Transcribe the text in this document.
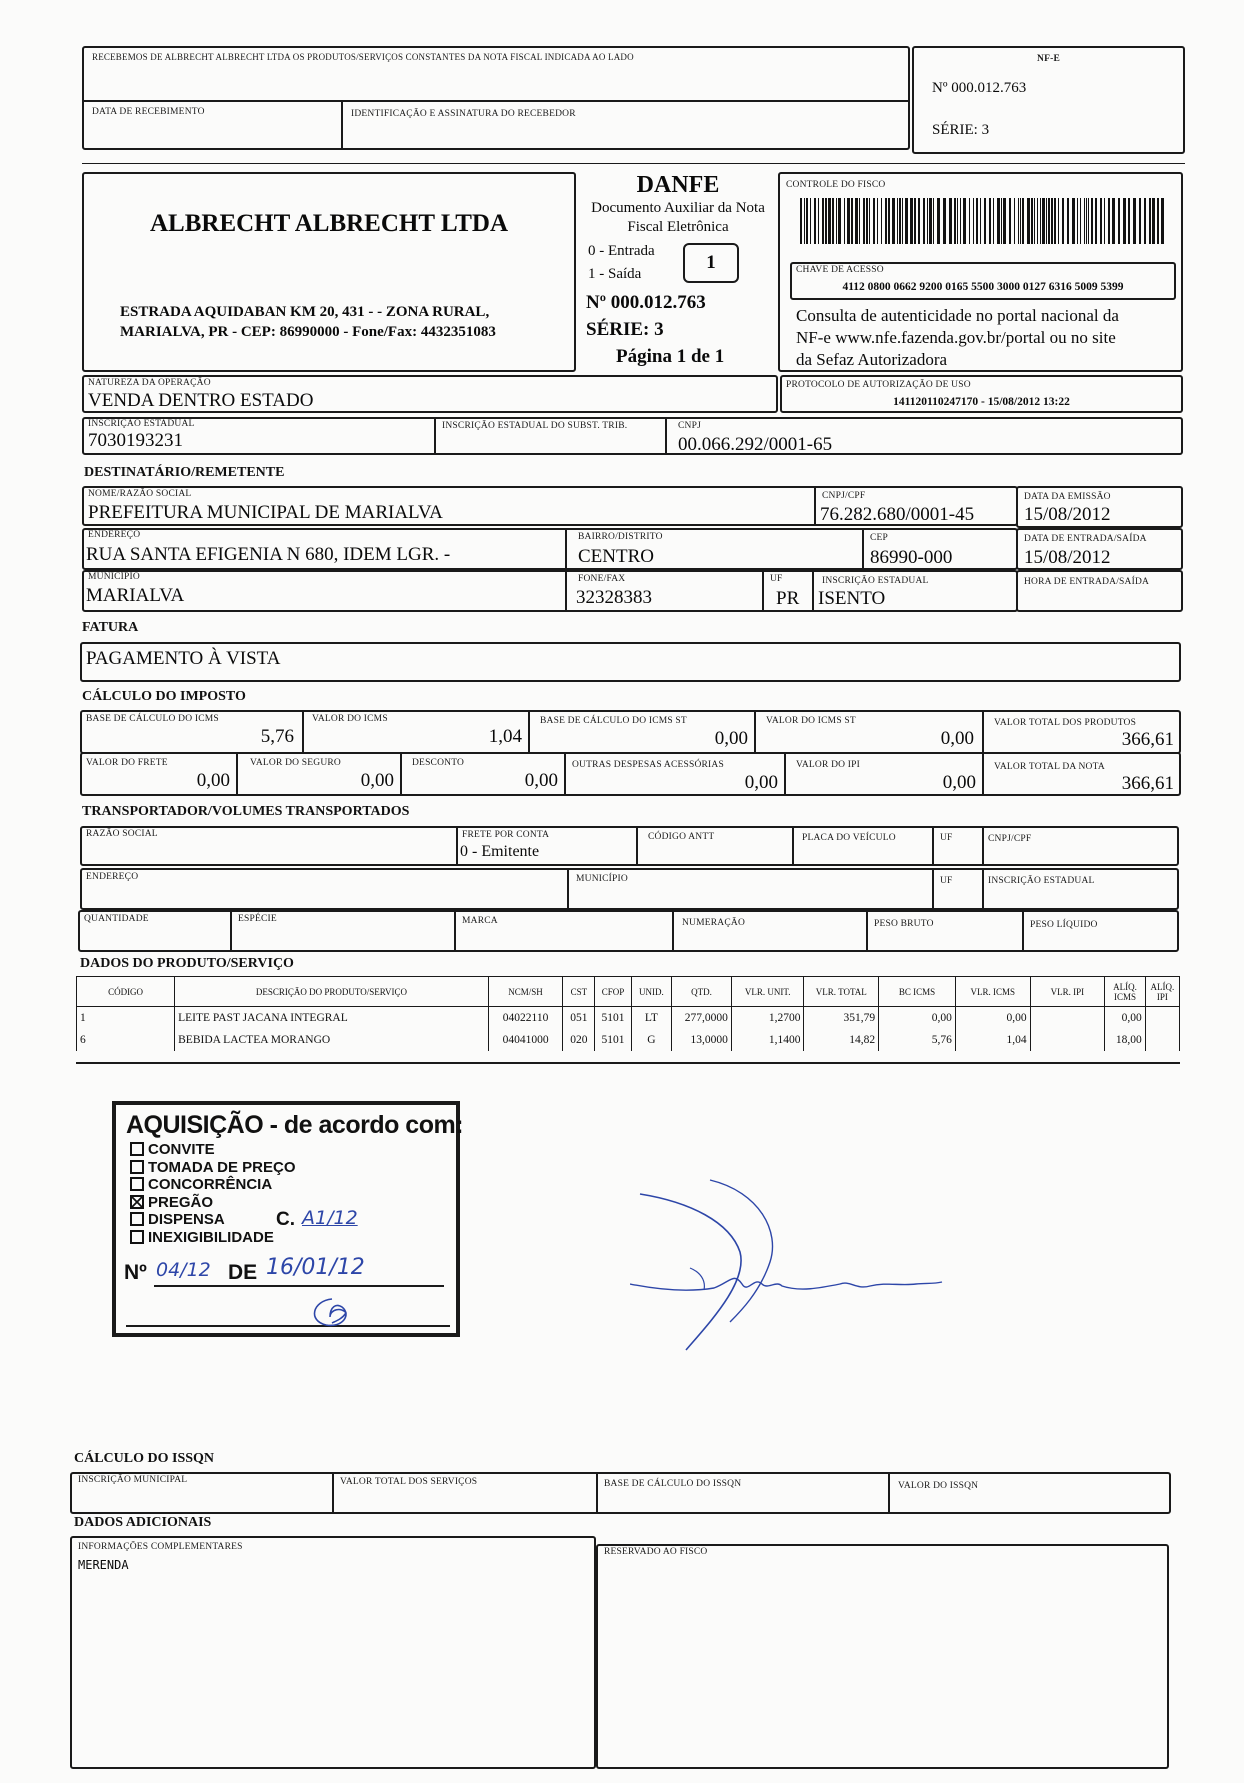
RECEBEMOS DE ALBRECHT ALBRECHT LTDA OS PRODUTOS/SERVIÇOS CONSTANTES DA NOTA FISCAL INDICADA AO LADO
DATA DE RECEBIMENTO	IDENTIFICAÇÃO E ASSINATURA DO RECEBEDOR
NF-E
Nº 000.012.763
SÉRIE: 3
ALBRECHT ALBRECHT LTDA
ESTRADA AQUIDABAN KM 20, 431 - - ZONA RURAL,
MARIALVA, PR - CEP: 86990000 - Fone/Fax: 4432351083
DANFE
Documento Auxiliar da Nota
Fiscal Eletrônica
0 - Entrada
1 - Saída
1
Nº 000.012.763
SÉRIE: 3
Página 1 de 1
CONTROLE DO FISCO
CHAVE DE ACESSO
4112 0800 0662 9200 0165 5500 3000 0127 6316 5009 5399
Consulta de autenticidade no portal nacional da
NF-e www.nfe.fazenda.gov.br/portal ou no site
da Sefaz Autorizadora
NATUREZA DA OPERAÇÃO
VENDA DENTRO ESTADO
PROTOCOLO DE AUTORIZAÇÃO DE USO
141120110247170 - 15/08/2012 13:22
INSCRIÇÃO ESTADUAL
7030193231
INSCRIÇÃO ESTADUAL DO SUBST. TRIB.	CNPJ
00.066.292/0001-65
DESTINATÁRIO/REMETENTE
NOME/RAZÃO SOCIAL
PREFEITURA MUNICIPAL DE MARIALVA
CNPJ/CPF
76.282.680/0001-45
DATA DA EMISSÃO
15/08/2012
ENDEREÇO
RUA SANTA EFIGENIA N 680, IDEM LGR. -
BAIRRO/DISTRITO
CENTRO
CEP
86990-000
DATA DE ENTRADA/SAÍDA
15/08/2012
MUNICÍPIO
MARIALVA
FONE/FAX
32328383
UF
PR
INSCRIÇÃO ESTADUAL
ISENTO
HORA DE ENTRADA/SAÍDA
FATURA
PAGAMENTO À VISTA
CÁLCULO DO IMPOSTO
BASE DE CÁLCULO DO ICMS
5,76
VALOR DO ICMS
1,04
BASE DE CÁLCULO DO ICMS ST
0,00
VALOR DO ICMS ST
0,00
VALOR TOTAL DOS PRODUTOS
366,61
VALOR DO FRETE
0,00
VALOR DO SEGURO
0,00
DESCONTO
0,00
OUTRAS DESPESAS ACESSÓRIAS
0,00
VALOR DO IPI
0,00
VALOR TOTAL DA NOTA
366,61
TRANSPORTADOR/VOLUMES TRANSPORTADOS
RAZÃO SOCIAL	FRETE POR CONTA
0 - Emitente
CÓDIGO ANTT	PLACA DO VEÍCULO	UF	CNPJ/CPF
ENDEREÇO	MUNICÍPIO	UF	INSCRIÇÃO ESTADUAL
QUANTIDADE	ESPÉCIE	MARCA	NUMERAÇÃO	PESO BRUTO	PESO LÍQUIDO
DADOS DO PRODUTO/SERVIÇO
CÓDIGO	DESCRIÇÃO DO PRODUTO/SERVIÇO	NCM/SH	CST	CFOP	UNID.	QTD.	VLR. UNIT.	VLR. TOTAL	BC ICMS	VLR. ICMS	VLR. IPI	ALÍQ. ICMS	ALÍQ. IPI
1	LEITE PAST JACANA INTEGRAL	04022110	051	5101	LT	277,0000	1,2700	351,79	0,00	0,00		0,00	
6	BEBIDA LACTEA MORANGO	04041000	020	5101	G	13,0000	1,1400	14,82	5,76	1,04		18,00	
AQUISIÇÃO - de acordo com:
CONVITE
TOMADA DE PREÇO
CONCORRÊNCIA
PREGÃO
DISPENSA
INEXIGIBILIDADE
C. A1/12
Nº 04/12 DE 16/01/12
CÁLCULO DO ISSQN
INSCRIÇÃO MUNICIPAL	VALOR TOTAL DOS SERVIÇOS	BASE DE CÁLCULO DO ISSQN	VALOR DO ISSQN
DADOS ADICIONAIS
INFORMAÇÕES COMPLEMENTARES
MERENDA
RESERVADO AO FISCO
